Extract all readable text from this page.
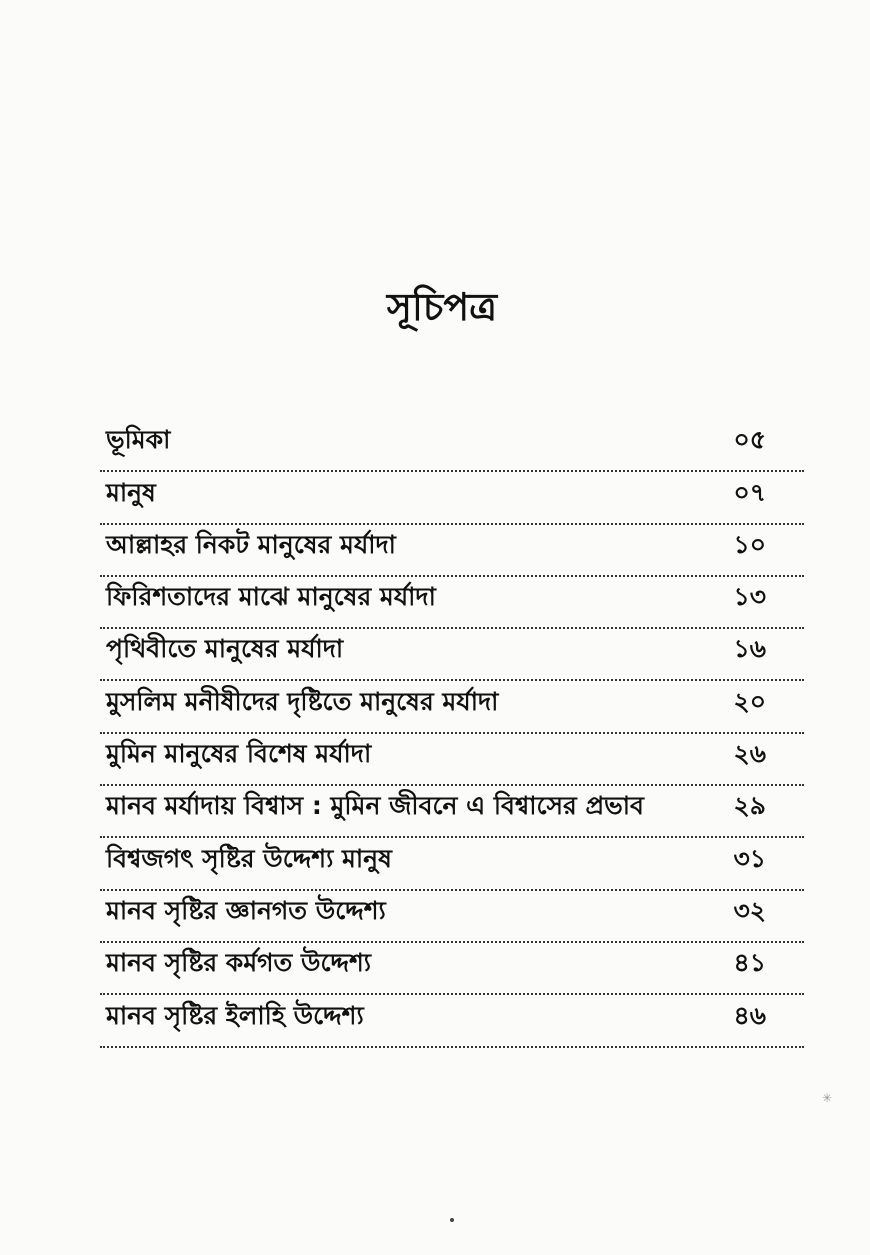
সূচিপত্র
ভূমিকা	০৫
মানুষ	০৭
আল্লাহর নিকট মানুষের মর্যাদা	১০
ফিরিশতাদের মাঝে মানুষের মর্যাদা	১৩
পৃথিবীতে মানুষের মর্যাদা	১৬
মুসলিম মনীষীদের দৃষ্টিতে মানুষের মর্যাদা	২০
মুমিন মানুষের বিশেষ মর্যাদা	২৬
মানব মর্যাদায় বিশ্বাস : মুমিন জীবনে এ বিশ্বাসের প্রভাব	২৯
বিশ্বজগৎ সৃষ্টির উদ্দেশ্য মানুষ	৩১
মানব সৃষ্টির জ্ঞানগত উদ্দেশ্য	৩২
মানব সৃষ্টির কর্মগত উদ্দেশ্য	৪১
মানব সৃষ্টির ইলাহি উদ্দেশ্য	৪৬
✳
